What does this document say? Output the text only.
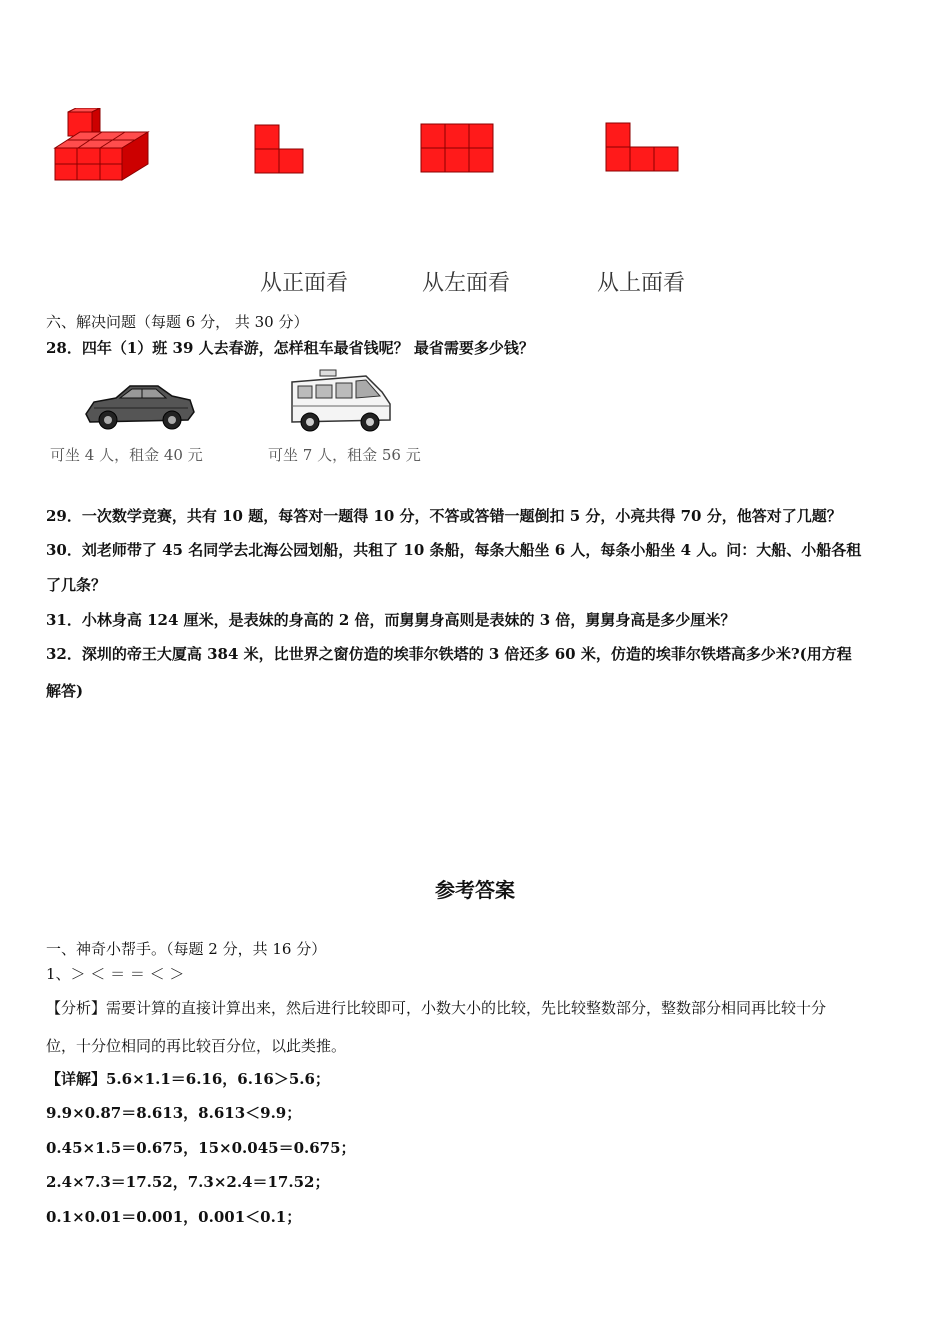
从正面看	从左面看	从上面看
六、解决问题（每题 6 分， 共 30 分）
28．四年（1）班 39 人去春游，怎样租车最省钱呢？ 最省需要多少钱？
可坐 4 人，租金 40 元	可坐 7 人，租金 56 元
29．一次数学竞赛，共有 10 题，每答对一题得 10 分，不答或答错一题倒扣 5 分，小亮共得 70 分，他答对了几题？
30．刘老师带了 45 名同学去北海公园划船，共租了 10 条船，每条大船坐 6 人，每条小船坐 4 人。问：大船、小船各租
了几条？
31．小林身高 124 厘米，是表妹的身高的 2 倍，而舅舅身高则是表妹的 3 倍，舅舅身高是多少厘米？
32．深圳的帝王大厦高 384 米，比世界之窗仿造的埃菲尔铁塔的 3 倍还多 60 米，仿造的埃菲尔铁塔高多少米?(用方程
解答)
参考答案
一、神奇小帮手。（每题 2 分，共 16 分）
1、＞ ＜ ＝ ＝ ＜ ＞
【分析】需要计算的直接计算出来，然后进行比较即可，小数大小的比较，先比较整数部分，整数部分相同再比较十分
位，十分位相同的再比较百分位，以此类推。
【详解】5.6×1.1＝6.16，6.16＞5.6；
9.9×0.87＝8.613，8.613＜9.9；
0.45×1.5＝0.675，15×0.045＝0.675；
2.4×7.3＝17.52，7.3×2.4＝17.52；
0.1×0.01＝0.001，0.001＜0.1；
